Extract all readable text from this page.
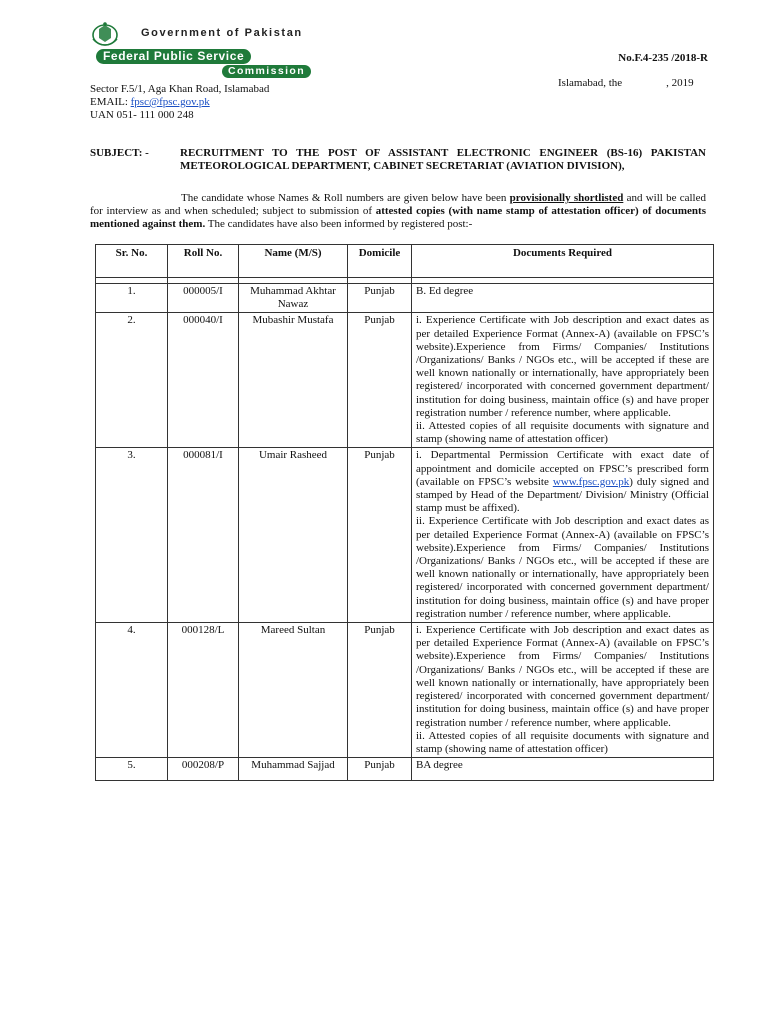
Government of Pakistan
Federal Public Service
Commission
No.F.4-235 /2018-R
Islamabad, the	, 2019
Sector F.5/1, Aga Khan Road, Islamabad
EMAIL: fpsc@fpsc.gov.pk
UAN 051- 111 000 248
SUBJECT: -	RECRUITMENT TO THE POST OF ASSISTANT ELECTRONIC ENGINEER (BS-16) PAKISTAN METEOROLOGICAL DEPARTMENT, CABINET SECRETARIAT (AVIATION DIVISION),
The candidate whose Names & Roll numbers are given below have been provisionally shortlisted and will be called for interview as and when scheduled; subject to submission of attested copies (with name stamp of attestation officer) of documents mentioned against them. The candidates have also been informed by registered post:-
Sr. No.	Roll No.	Name (M/S)	Domicile	Documents Required

1.	000005/I	Muhammad Akhtar Nawaz	Punjab	B. Ed degree

2.	000040/I	Mubashir Mustafa	Punjab	i. Experience Certificate with Job description and exact dates as per detailed Experience Format (Annex-A) (available on FPSC’s website).Experience from Firms/ Companies/ Institutions /Organizations/ Banks / NGOs etc., will be accepted if these are well known nationally or internationally, have appropriately been registered/ incorporated with concerned government department/ institution for doing business, maintain office (s) and have proper registration number / reference number, where applicable.
ii. Attested copies of all requisite documents with signature and stamp (showing name of attestation officer)

3.	000081/I	Umair Rasheed	Punjab	i. Departmental Permission Certificate with exact date of appointment and domicile accepted on FPSC’s prescribed form (available on FPSC’s website www.fpsc.gov.pk) duly signed and stamped by Head of the Department/ Division/ Ministry (Official stamp must be affixed).
ii. Experience Certificate with Job description and exact dates as per detailed Experience Format (Annex-A) (available on FPSC’s website).Experience from Firms/ Companies/ Institutions /Organizations/ Banks / NGOs etc., will be accepted if these are well known nationally or internationally, have appropriately been registered/ incorporated with concerned government department/ institution for doing business, maintain office (s) and have proper registration number / reference number, where applicable.

4.	000128/L	Mareed Sultan	Punjab	i. Experience Certificate with Job description and exact dates as per detailed Experience Format (Annex-A) (available on FPSC’s website).Experience from Firms/ Companies/ Institutions /Organizations/ Banks / NGOs etc., will be accepted if these are well known nationally or internationally, have appropriately been registered/ incorporated with concerned government department/ institution for doing business, maintain office (s) and have proper registration number / reference number, where applicable.
ii. Attested copies of all requisite documents with signature and stamp (showing name of attestation officer)

5.	000208/P	Muhammad Sajjad	Punjab	BA degree
